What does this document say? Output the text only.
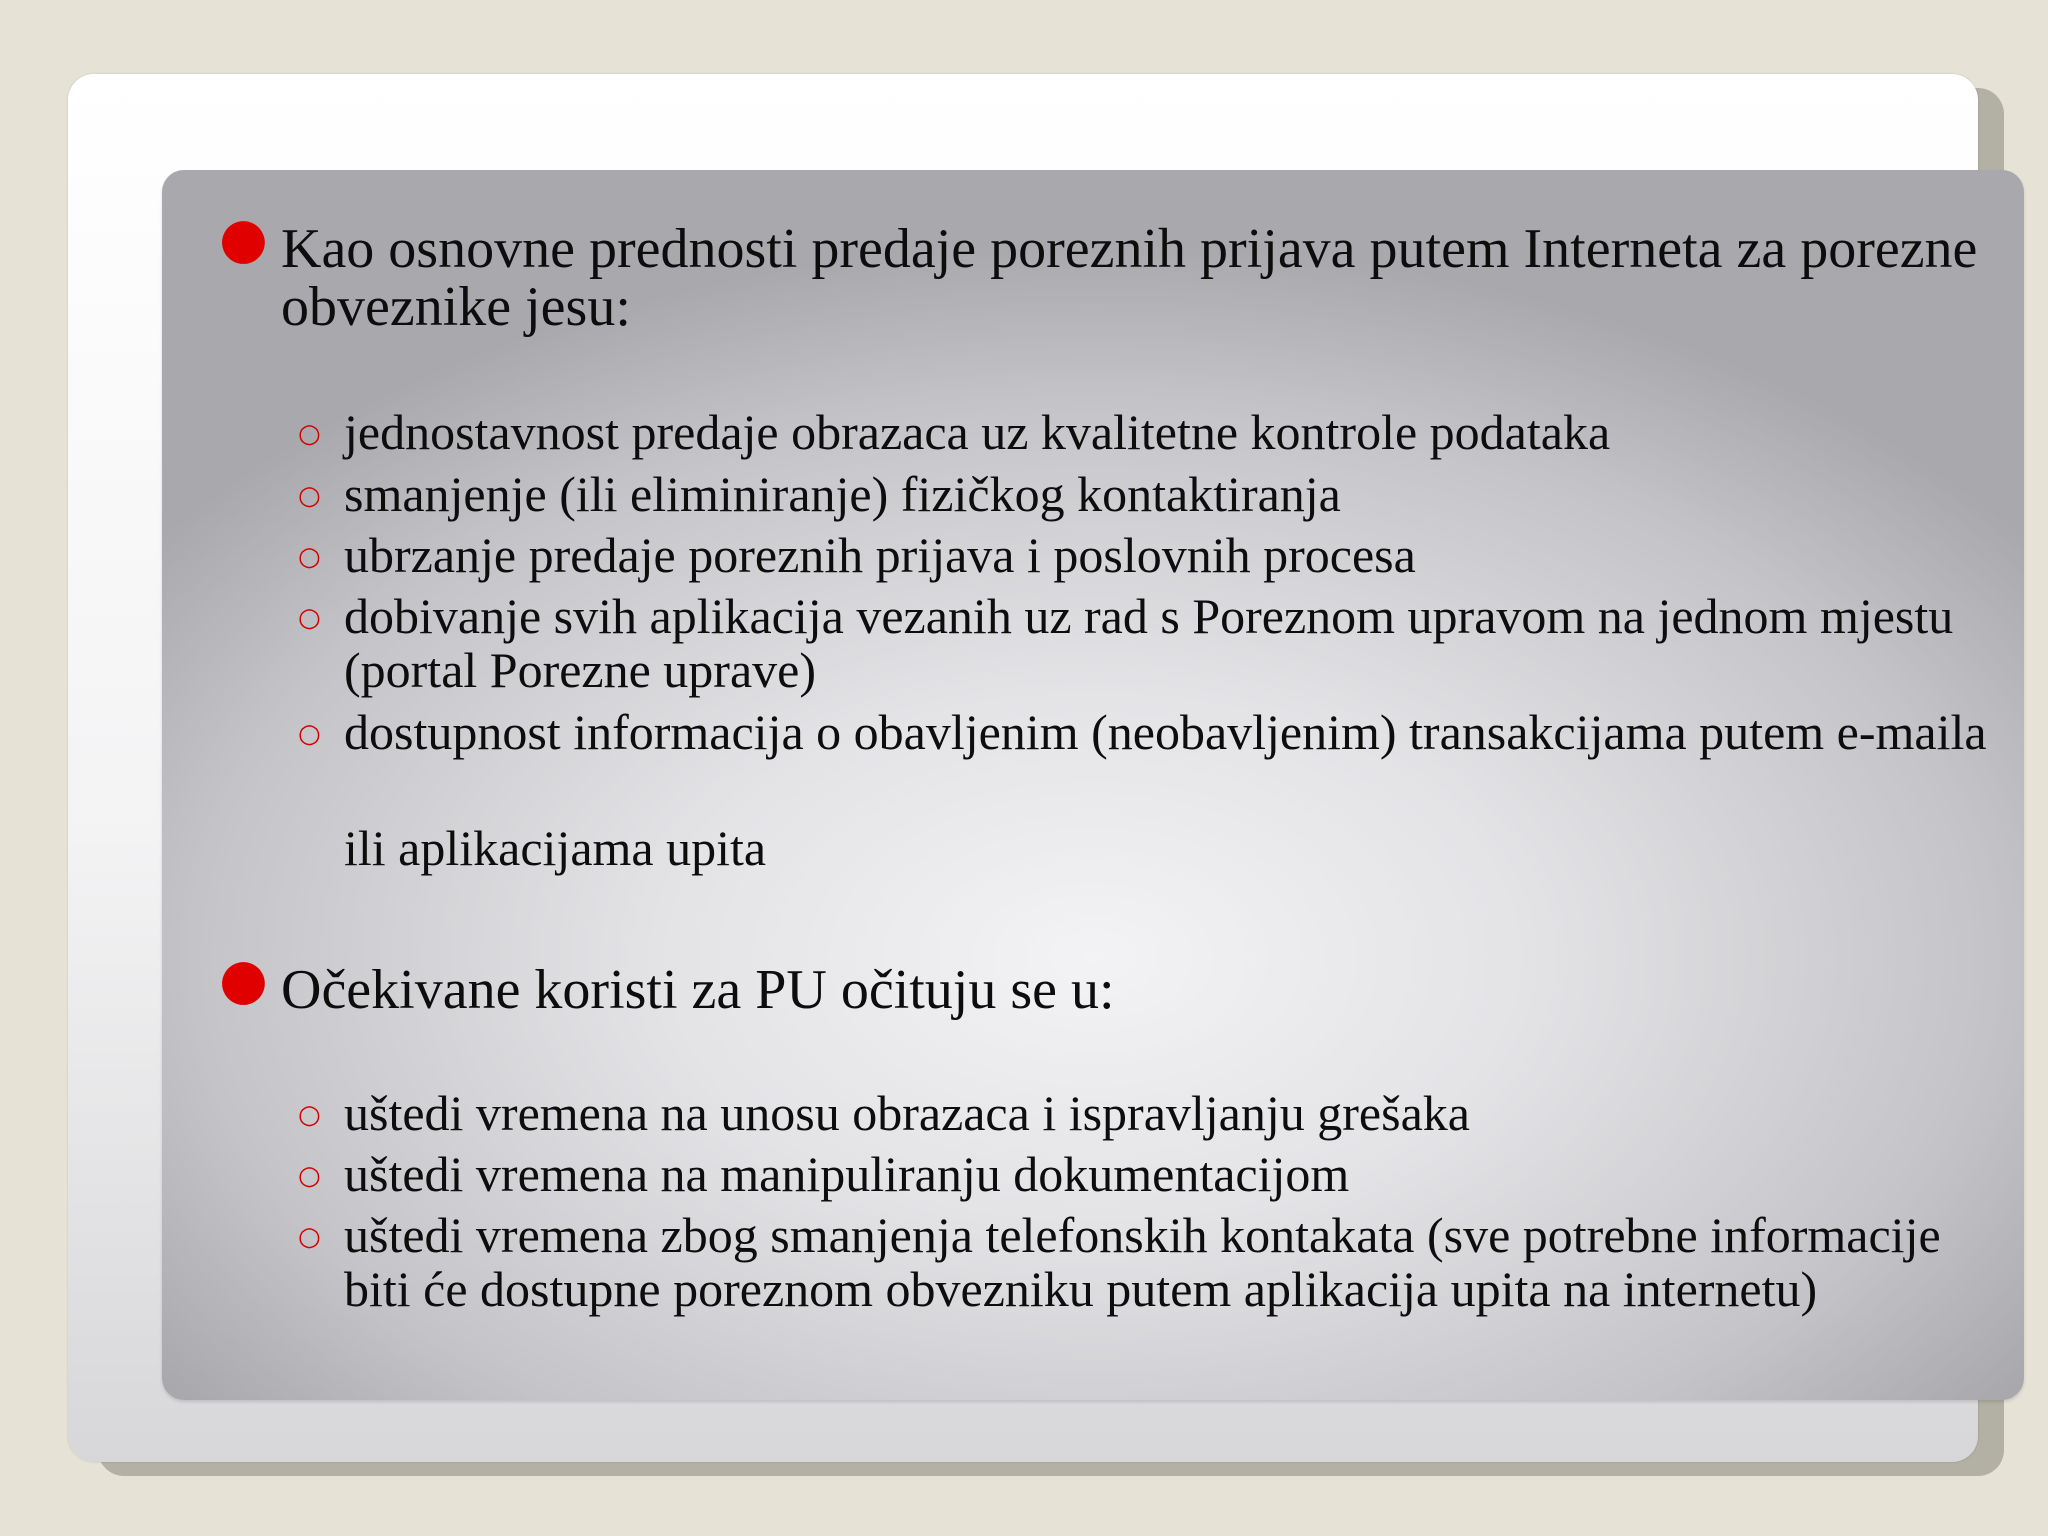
● Kao osnovne prednosti predaje poreznih prijava putem Interneta za porezne obveznike jesu:
○ jednostavnost predaje obrazaca uz kvalitetne kontrole podataka
○ smanjenje (ili eliminiranje) fizičkog kontaktiranja
○ ubrzanje predaje poreznih prijava i poslovnih procesa
○ dobivanje svih aplikacija vezanih uz rad s Poreznom upravom na jednom mjestu (portal Porezne uprave)
○ dostupnost informacija o obavljenim (neobavljenim) transakcijama putem e-maila
ili aplikacijama upita
● Očekivane koristi za PU očituju se u:
○ uštedi vremena na unosu obrazaca i ispravljanju grešaka
○ uštedi vremena na manipuliranju dokumentacijom
○ uštedi vremena zbog smanjenja telefonskih kontakata (sve potrebne informacije biti će dostupne poreznom obvezniku putem aplikacija upita na internetu)
